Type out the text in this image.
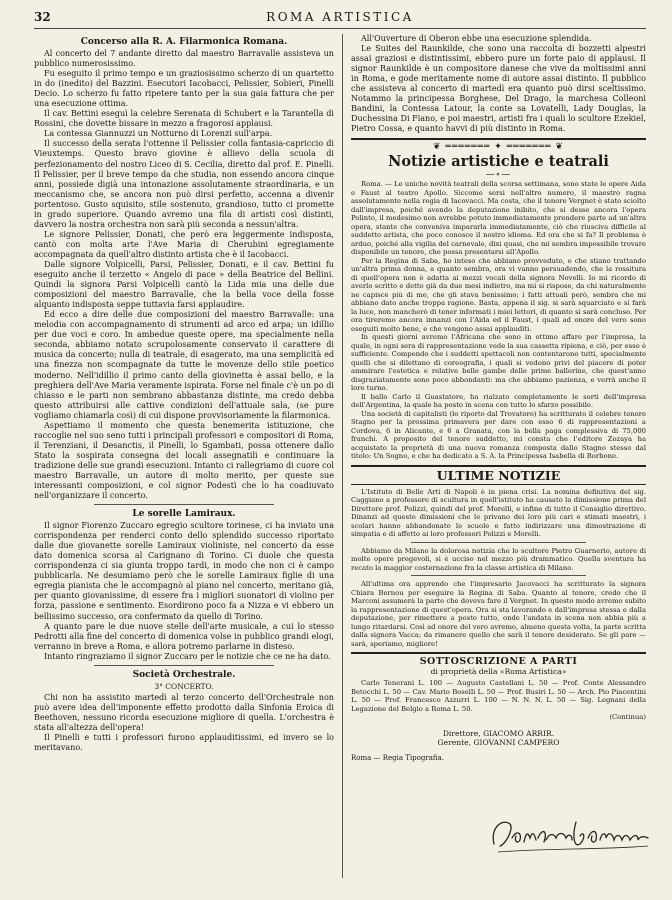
32	ROMA ARTISTICA
Concerso alla R. A. Filarmonica Romana.

Al concerto del 7 andante diretto dal maestro Barravalle assisteva un pubblico numerosissimo.

Fu eseguito il primo tempo e un graziosissimo scherzo di un quartetto in do (inedito) del Bazzini. Esecutori Iacobacci, Pelissier, Sobieri, Pinelli Decio. Lo scherzo fu fatto ripetere tanto per la sua gaia fattura che per una esecuzione ottima.

Il cav. Bettini eseguì la celebre Serenata di Schubert e la Tarantella di Rossini, che dovette bissare in mezzo a fragorosi applausi.

La contessa Giannuzzi un Notturno di Lorenzi sull'arpa.

Il successo della serata l'ottenne il Pelissier colla fantasia-capriccio di Vieuxtemps. Questo bravo giovine è allievo della scuola di perfezionamento del nostro Liceo di S. Cecilia, diretto dal prof. E. Pinelli. Il Pelissier, per il breve tempo da che studia, non essendo ancora cinque anni, possiede digià una intonazione assolutamente straordinaria, e un meccanismo che, se ancora non può dirsi perfetto, accenna a divenir portentoso. Gusto squisito, stile sostenuto, grandioso, tutto ci promette in grado superiore. Quando avremo una fila di artisti così distinti, davvero la nostra orchestra non sarà più seconda a nessun'altra.

Le signore Pelissier, Donati, che però era leggermente indisposta, cantò con molta arte l'Ave Maria di Cherubini egregiamente accompagnata da quell'altro distinto artista che è il Iacobacci.

Dalle signore Volpicelli, Parsi, Pelissier, Donati, e il cav. Bettini fu eseguito anche il terzetto « Angelo di pace » della Beatrice del Bellini. Quindi la signora Parsi Volpicelli cantò la Lida mia una delle due composizioni del maestro Barravalle, che la bella voce della fosse alquanto indisposta seppe tuttavia farsi applaudire.

Ed ecco a dire delle due composizioni del maestro Barravalle: una melodia con accompagnamento di strumenti ad arco ed arpa; un idillio per due voci e coro. In ambedue queste opere, ma specialmente nella seconda, abbiamo notato scrupolosamente conservato il carattere di musica da concerto; nulla di teatrale, di esagerato, ma una semplicità ed una finezza non scompagnate da tutte le movenze dello stile poetico moderno. Nell'idillio il primo canto della giovinetta è assai bello, e la preghiera dell'Ave Maria veramente ispirata. Forse nel finale c'è un po di chiasso e le parti non sembrano abbastanza distinte, ma credo debba questo attribuirsi alle cattive condizioni dell'attuale sala, (se pure vogliamo chiamarla così) di cui dispone provvisoriamente la filarmonica.

Aspettiamo il momento che questa benemerita istituzione, che raccoglie nel suo seno tutti i principali professori e compositori di Roma, il Terenziani, il Desanctis, il Pinelli, lo Sgambati, possa ottenere dallo Stato la sospirata consegna dei locali assegnatili e continuare la tradizione delle sue grandi esecuzioni. Intanto ci rallegriamo di cuore col maestro Barravalle, un autore di molto merito, per queste sue interessanti composizioni, e col signor Podestì che lo ha coadiuvato nell'organizzare il concerto.

Le sorelle Lamiraux.

Il signor Fiorenzo Zuccaro egregio scultore torinese, ci ha inviato una corrispondenza per renderci conto dello splendido successo riportato dalle due giovanette sorelle Lamiraux violiniste, nel concerto da esse dato domenica scorsa al Carignano di Torino. Ci duole che questa corrispondenza ci sia giunta troppo tardi, in modo che non ci è campo pubblicarla. Ne desumiamo però che le sorelle Lamiraux figlie di una egregia pianista che le accompagnò al piano nel concerto, meritano già, per quanto giovanissime, di essere fra i migliori suonatori di violino per forza, passione e sentimento. Esordirono poco fa a Nizza e vi ebbero un bellissimo successo, ora confermato da quello di Torino.

A quanto pare le due nuove stelle dell'arte musicale, a cui lo stesso Pedrotti alla fine del concerto di domenica volse in pubblico grandi elogi, verranno in breve a Roma, e allora potremo parlarne in disteso.

Intanto ringraziamo il signor Zuccaro per le notizie che ce ne ha dato.

Società Orchestrale.
3° CONCERTO.

Chi non ha assistito martedì al terzo concerto dell'Orchestrale non può avere idea dell'imponente effetto prodotto dalla Sinfonia Eroica di Beethoven, nessuno ricorda esecuzione migliore di quella. L'orchestra è stata all'altezza dell'opera!

Il Pinelli e tutti i professori furono applauditissimi, ed invero se lo meritavano.

All'Ouverture di Oberon ebbe una esecuzione splendida.

Le Suites del Raunkilde, che sono una raccolta di bozzetti alpestri assai graziosi e distintissimi, ebbero pure un forte paio di applausi. Il signor Raunkilde è un compositore danese che vive da moltissimi anni in Roma, e gode meritamente nome di autore assai distinto. Il pubblico che assisteva al concerto di martedì era quanto può dirsi sceltissimo. Notammo la principessa Borghese, Del Drago, la marchesa Colleoni Bandini, la Contessa Latour, la conte sa Lovatelli, Lady Douglas, la Duchessina Di Fiano, e poi maestri, artisti fra i quali lo scultore Ezekiel, Pietro Cossa, e quanto havvi di più distinto in Roma.

❦ ═══════ ✦ ═══════ ❦
Notizie artistiche e teatrali
—∘—

Roma. — Le uniche novità teatrali della scorsa settimana, sono state le opere Aida e Faust al teatro Apollo. Siccome sersi nell'altro numero, il maestro ragna assolutamente nella regia di Iacovacci. Ma costa, che il tenore Vergnet è stato sciolto dall'impresa, poiché avendo la deputazione inibito, che si desse ancora l'opera Polinto, il medesimo non avrebbe potuto immediatamente prendere parte ad un'altra opera, stante che conveniva impararla immediatamente, ciò che riusciva difficile al suddetto artista, che poco conosce il nostro idioma. Ed ora che si fa? Il problema è arduo, poiché alla vigilia del carnevale, dixi quasi, che mi sembra impossibile trovare disponibile un tenore, che possa presentarsi all'Apollo.

Per la Regina di Saba, ho inteso che abbiano provveduto, e che stiano trattando un'altra prima donna, a quanto sembra, ora vi vanno persuadendo, che la rossitura di quell'opera non è adatta ai mezzi vocali della signora Novelli. Io mi ricordo di averlo scritto e detto già da due mesi indietro, ma mi si rispose, da chi naturalmente ne capisce più di me, che gli stava benissimo; i fatti attuali però, sembra che mi abbiano dato anche troppa ragione. Basta, appena il sig. si sarà squarciato e si farà la luce, non mancherò di tener informati i miei lettori, di quanto si sarà concluso. Per ora tireremo ancora innanzi con l'Aida ed il Faust, i quali ad onore del vero sono eseguiti molto bene, e che vengono assai applauditi.

In questi giorni avremo l'Africana che sono in ottimo affare per l'impresa, la quale, in ogni sera di rappresentazione vede la sua cassetta ripiena, e ciò, per esso è sufficiente. Compendo che i suddetti spettacoli non contentarono tutti, specialmente quelli che si dilettano di coreografia, i quali si vedono privi del piacere di poter ammirare l'estetica e relative belle gambe delle prime ballerine, che quest'anno disgraziatamente sono poco abbondanti: ma che abbiamo pazienza, e verrà anche il loro turno.

Il ballo Carlo il Guastatore, ha rialzato completamente le sorti dell'impresa dell'Argentina, la quale ha posto in scena con tutto lo sfarzo possibile.

Una società di capitalisti (lo riporto dal Trovatore) ha scritturato il celebre tenore Stagno per la prossima primavera per dare con esso 6 di rappresentazioni a Cordova, 6 in Alicante, e 6 a Granata, con la bella paga complessiva di 75,000 franchi. A proposito del tenore suddetto, mi consta che l'editore Zozaya ha acquistato la proprietà di una nuova romanza composta dallo Stagno stesso dal titolo: Un Sogno, e che ha dedicato a S. A. la Principessa Isabella di Borbone.

ULTIME NOTIZIE

L'Istituto di Belle Arti di Napoli è in piena crisi. La nomina definitiva del sig. Caggiano a professore di scultura in quell'istituto ha causato la dimissione prima del Direttore prof. Polizzi, quindi del prof. Morelli, e infine di tutto il Consiglio direttivo. Dinanzi ad queste dimissioni che le privano dei loro più cari e stimati maestri, i scolari hanno abbandonato le scuole e fatto indirizzare una dimostrazione di simpatia e di affetto ai loro professori Polizzi e Morelli.

Abbiamo da Milano la dolorosa notizia che lo scultore Pietro Guarnerio, autore di molte opere pregevoli, si è ucciso nel mezzo più drammatico. Quella sventura ha recato la maggior costernazione fra la classe artistica di Milano.

All'ultima ora apprendo che l'impresario Jacovacci ha scritturato la signora Chiara Bernou per eseguire la Regina di Saba. Quanto al tenore, credo che il Marconi assumerà la parte che doveva fare il Vergnet. In questo modo avremo subito la rappresentazione di quest'opera. Ora si sta lavorando e dall'impresa stessa e dalla deputazione, per rimettere a posto tutto, onde l'andata in scena non abbia più a lungo ritardarsi. Così ad onore del vero avremo, almeno questa volta, la parte scritta dalla signora Vacca; da rimanere quello che sarà il tenore desiderato. Se gli pare — sarà, speriamo, migliore!

SOTTOSCRIZIONE A PARTI
di proprietà della «Roma Artistica»

Carlo Tenerani L. 100 — Augusto Castellani L. 50 — Prof. Conte Alessandro Betocchi L. 50 — Cav. Mario Boselli L. 50 — Prof. Busiri L. 50 — Arch. Pio Piacentini L. 50 — Prof. Francesco Azzurri L. 100 — N. N. N. L. 50 — Sig. Legnani della Legazione del Belgio a Roma L. 50.

(Continua)

Direttore, GIACOMO ARRIR.
Gerente, GIOVANNI CAMPERO
Roma — Regia Tipografia.
